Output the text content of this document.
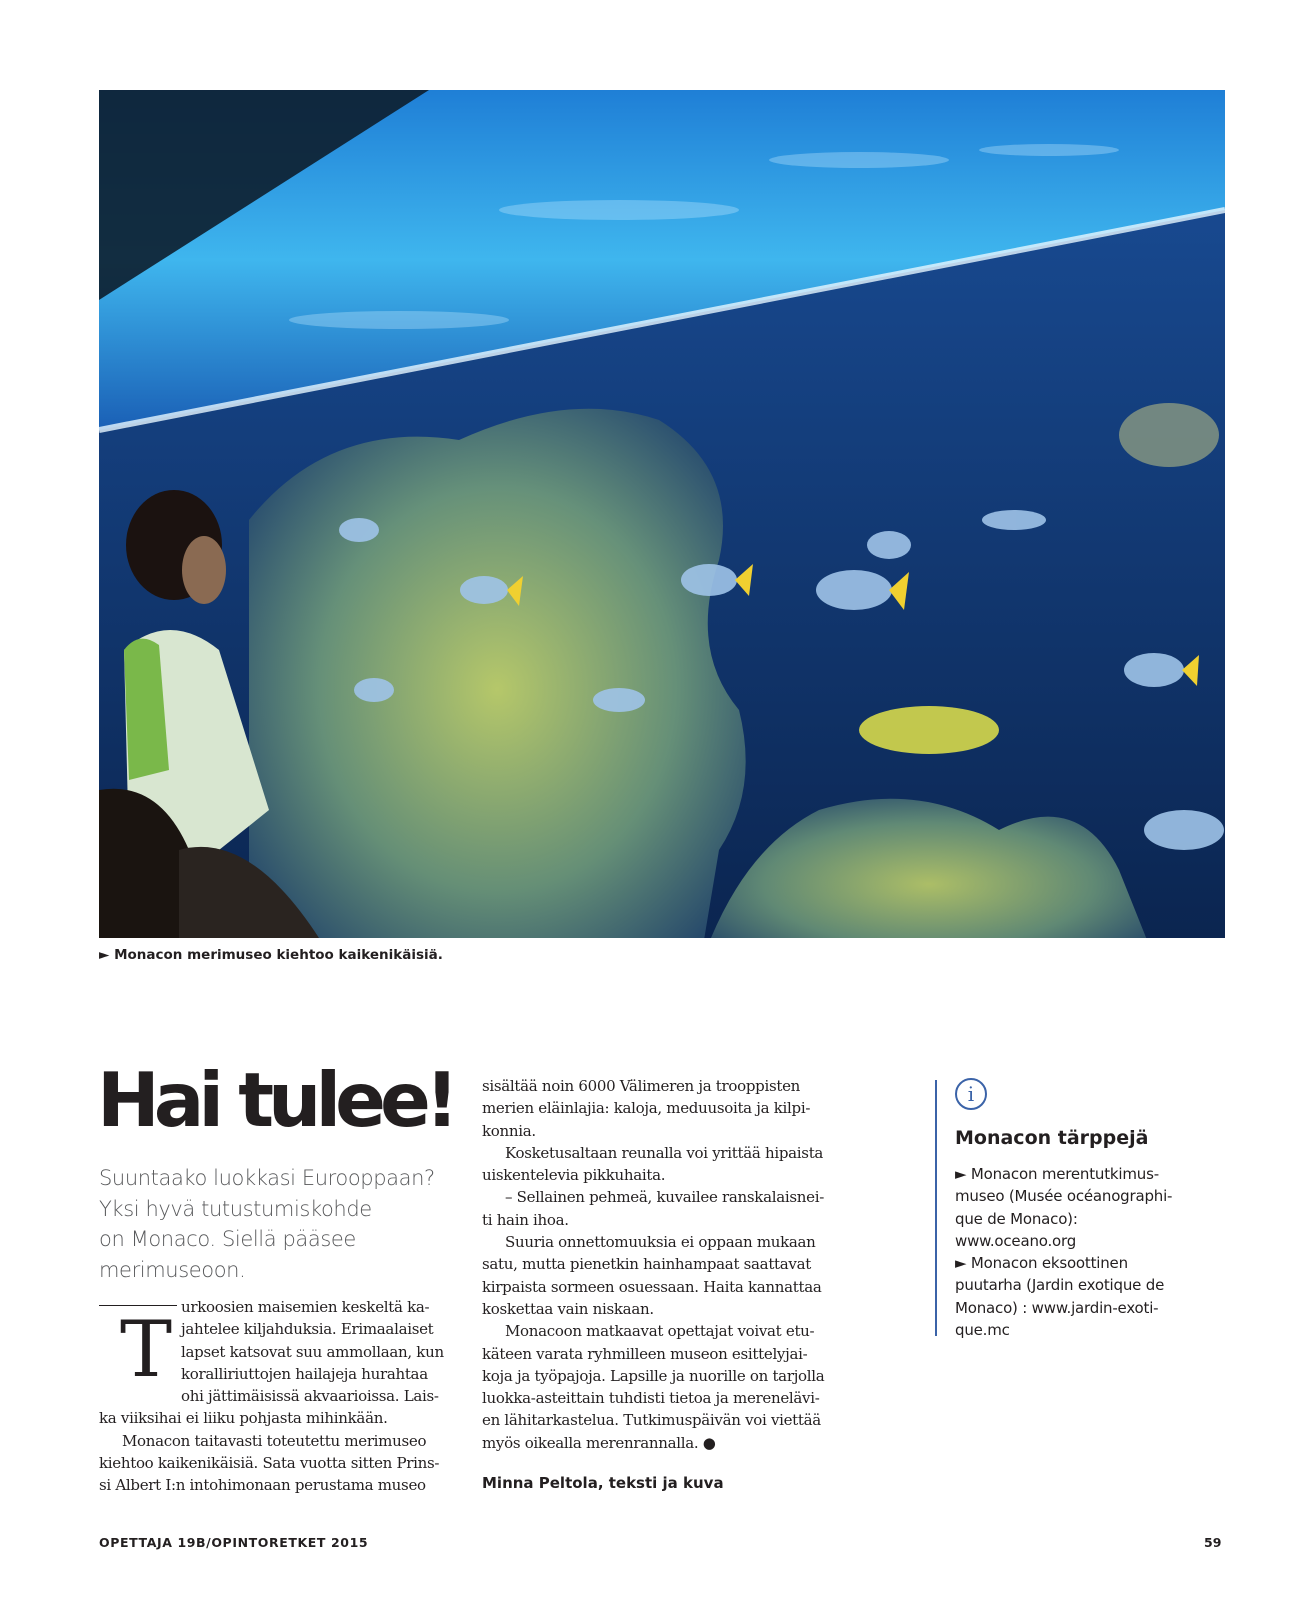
► Monacon merimuseo kiehtoo kaikenikäisiä.
Hai tulee!
Suuntaako luokkasi Eurooppaan?
Yksi hyvä tutustumiskohde
on Monaco. Siellä pääsee
merimuseoon.
T urkoosien maisemien keskeltä ka-

jahtelee kiljahduksia. Erimaalaiset

lapset katsovat suu ammollaan, kun

koralliriuttojen hailajeja hurahtaa

ohi jättimäisissä akvaarioissa. Lais-

ka viiksihai ei liiku pohjasta mihinkään.

Monacon taitavasti toteutettu merimuseo

kiehtoo kaikenikäisiä. Sata vuotta sitten Prins-

si Albert I:n intohimonaan perustama museo

sisältää noin 6000 Välimeren ja trooppisten

merien eläinlajia: kaloja, meduusoita ja kilpi-

konnia.

Kosketusaltaan reunalla voi yrittää hipaista

uiskentelevia pikkuhaita.

– Sellainen pehmeä, kuvailee ranskalaisnei-

ti hain ihoa.

Suuria onnettomuuksia ei oppaan mukaan

satu, mutta pienetkin hainhampaat saattavat

kirpaista sormeen osuessaan. Haita kannattaa

koskettaa vain niskaan.

Monacoon matkaavat opettajat voivat etu-

käteen varata ryhmilleen museon esittelyjai-

koja ja työpajoja. Lapsille ja nuorille on tarjolla

luokka-asteittain tuhdisti tietoa ja merenelävi-

en lähitarkastelua. Tutkimuspäivän voi viettää

myös oikealla merenrannalla. ●

Minna Peltola, teksti ja kuva
i
Monacon tärppejä

► Monacon merentutkimus-

museo (Musée océanographi-

que de Monaco):

www.oceano.org

► Monacon eksoottinen

puutarha (Jardin exotique de

Monaco) : www.jardin-exoti-

que.mc

OPETTAJA 19B/OPINTORETKET 2015	59
